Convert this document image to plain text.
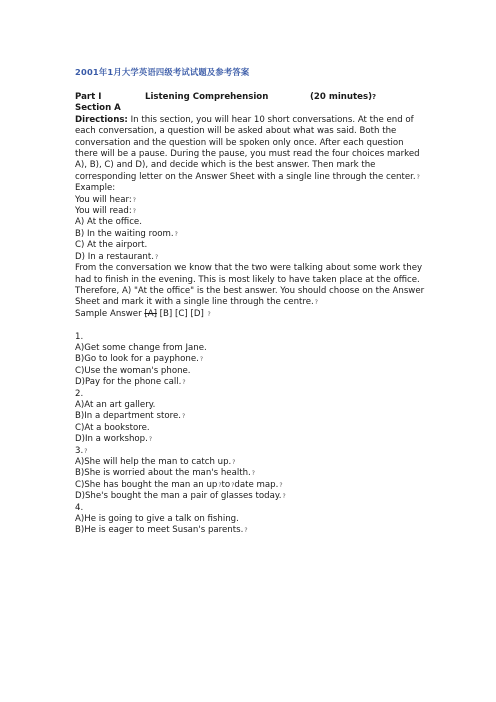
2001年1月大学英语四级考试试题及参考答案
Part Ⅰ	Listening Comprehension	(20 minutes)?
Section A
Directions: In this section, you will hear 10 short conversations. At the end of each conversation, a question will be asked about what was said. Both the conversation and the question will be spoken only once. After each question there will be a pause. During the pause, you must read the four choices marked A), B), C) and D), and decide which is the best answer. Then mark the corresponding letter on the Answer Sheet with a single line through the center.?
Example:
You will hear:?
You will read:?
A) At the office.
B) In the waiting room.?
C) At the airport.
D) In a restaurant.?
From the conversation we know that the two were talking about some work they had to finish in the evening. This is most likely to have taken place at the office. Therefore, A) "At the office" is the best answer. You should choose on the Answer Sheet and mark it with a single line through the centre.?
Sample Answer [A] [B] [C] [D] ?
1.
A)Get some change from Jane.
B)Go to look for a payphone.?
C)Use the woman's phone.
D)Pay for the phone call.?
2.
A)At an art gallery.
B)In a department store.?
C)At a bookstore.
D)In a workshop.?
3.?
A)She will help the man to catch up.?
B)She is worried about the man's health.?
C)She has bought the man an up?to?date map.?
D)She's bought the man a pair of glasses today.?
4.
A)He is going to give a talk on fishing.
B)He is eager to meet Susan's parents.?
